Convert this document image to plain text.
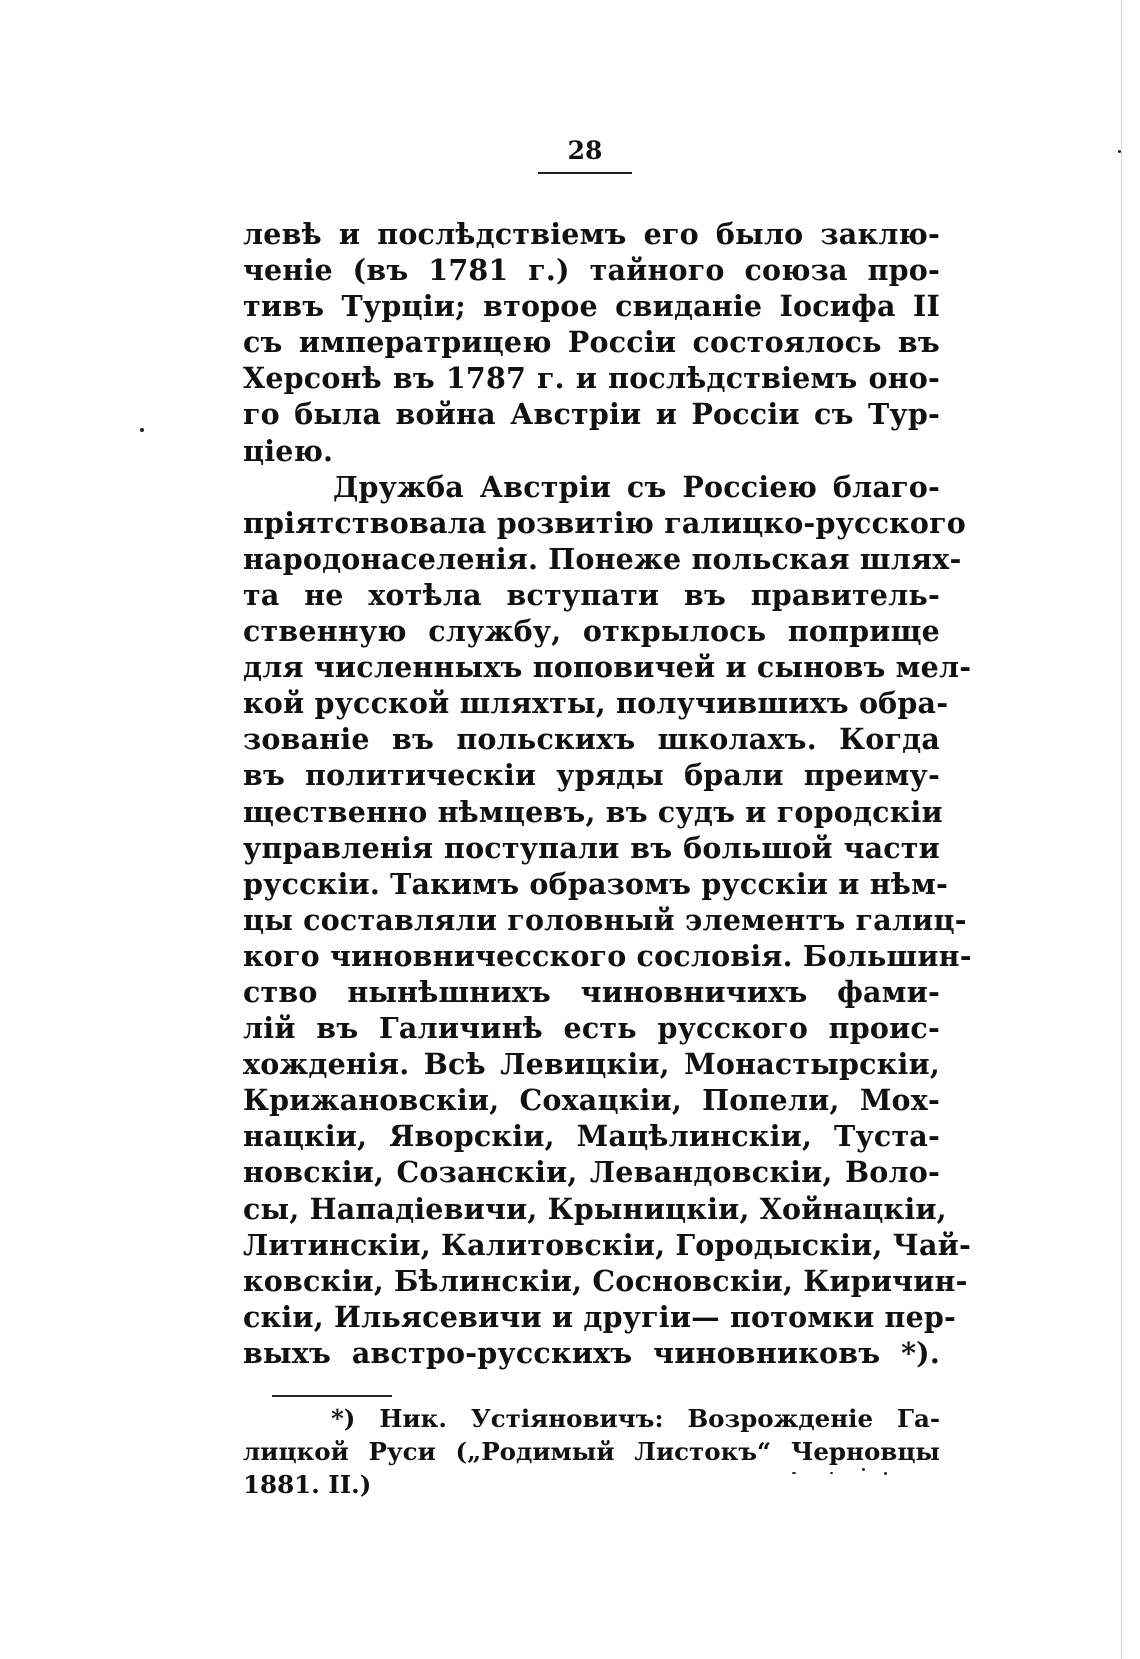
28
левѣ и послѣдствіемъ его было заклю-
ченіе (въ 1781 г.) тайного союза про-
тивъ Турціи; второе свиданіе Іосифа II
съ императрицею Россіи состоялось въ
Херсонѣ въ 1787 г. и послѣдствіемъ оно-
го была война Австріи и Россіи съ Тур-
ціею.
Дружба Австріи съ Россіею благо-
пріятствовала розвитію галицко-русского
народонаселенія. Понеже польская шлях-
та не хотѣла вступати въ правитель-
ственную службу, открылось поприще
для численныхъ поповичей и сыновъ мел-
кой русской шляхты, получившихъ обра-
зованіе въ польскихъ школахъ. Когда
въ политическіи уряды брали преиму-
щественно нѣмцевъ, въ судъ и городскіи
управленія поступали въ большой части
русскіи. Такимъ образомъ русскіи и нѣм-
цы составляли головный элементъ галиц-
кого чиновничеccкого сословія. Большин-
ство нынѣшнихъ чиновничихъ фами-
лій въ Галичинѣ есть русского проис-
хожденія. Всѣ Левицкіи, Монастырскіи,
Крижановскіи, Сохацкіи, Попели, Мох-
нацкіи, Яворскіи, Мацѣлинскіи, Туста-
новскіи, Созанскіи, Левандовскіи, Воло-
сы, Нападіевичи, Крыницкіи, Хойнацкіи,
Литинскіи, Калитовскіи, Городыскіи, Чай-
ковскіи, Бѣлинскіи, Сосновскіи, Киричин-
скіи, Ильясевичи и другіи— потомки пер-
выхъ австро-русскихъ чиновниковъ *).
*) Ник. Устіяновичъ: Возрожденіе Га-
лицкой Руси („Родимый Листокъ“ Черновцы
1881. II.)
